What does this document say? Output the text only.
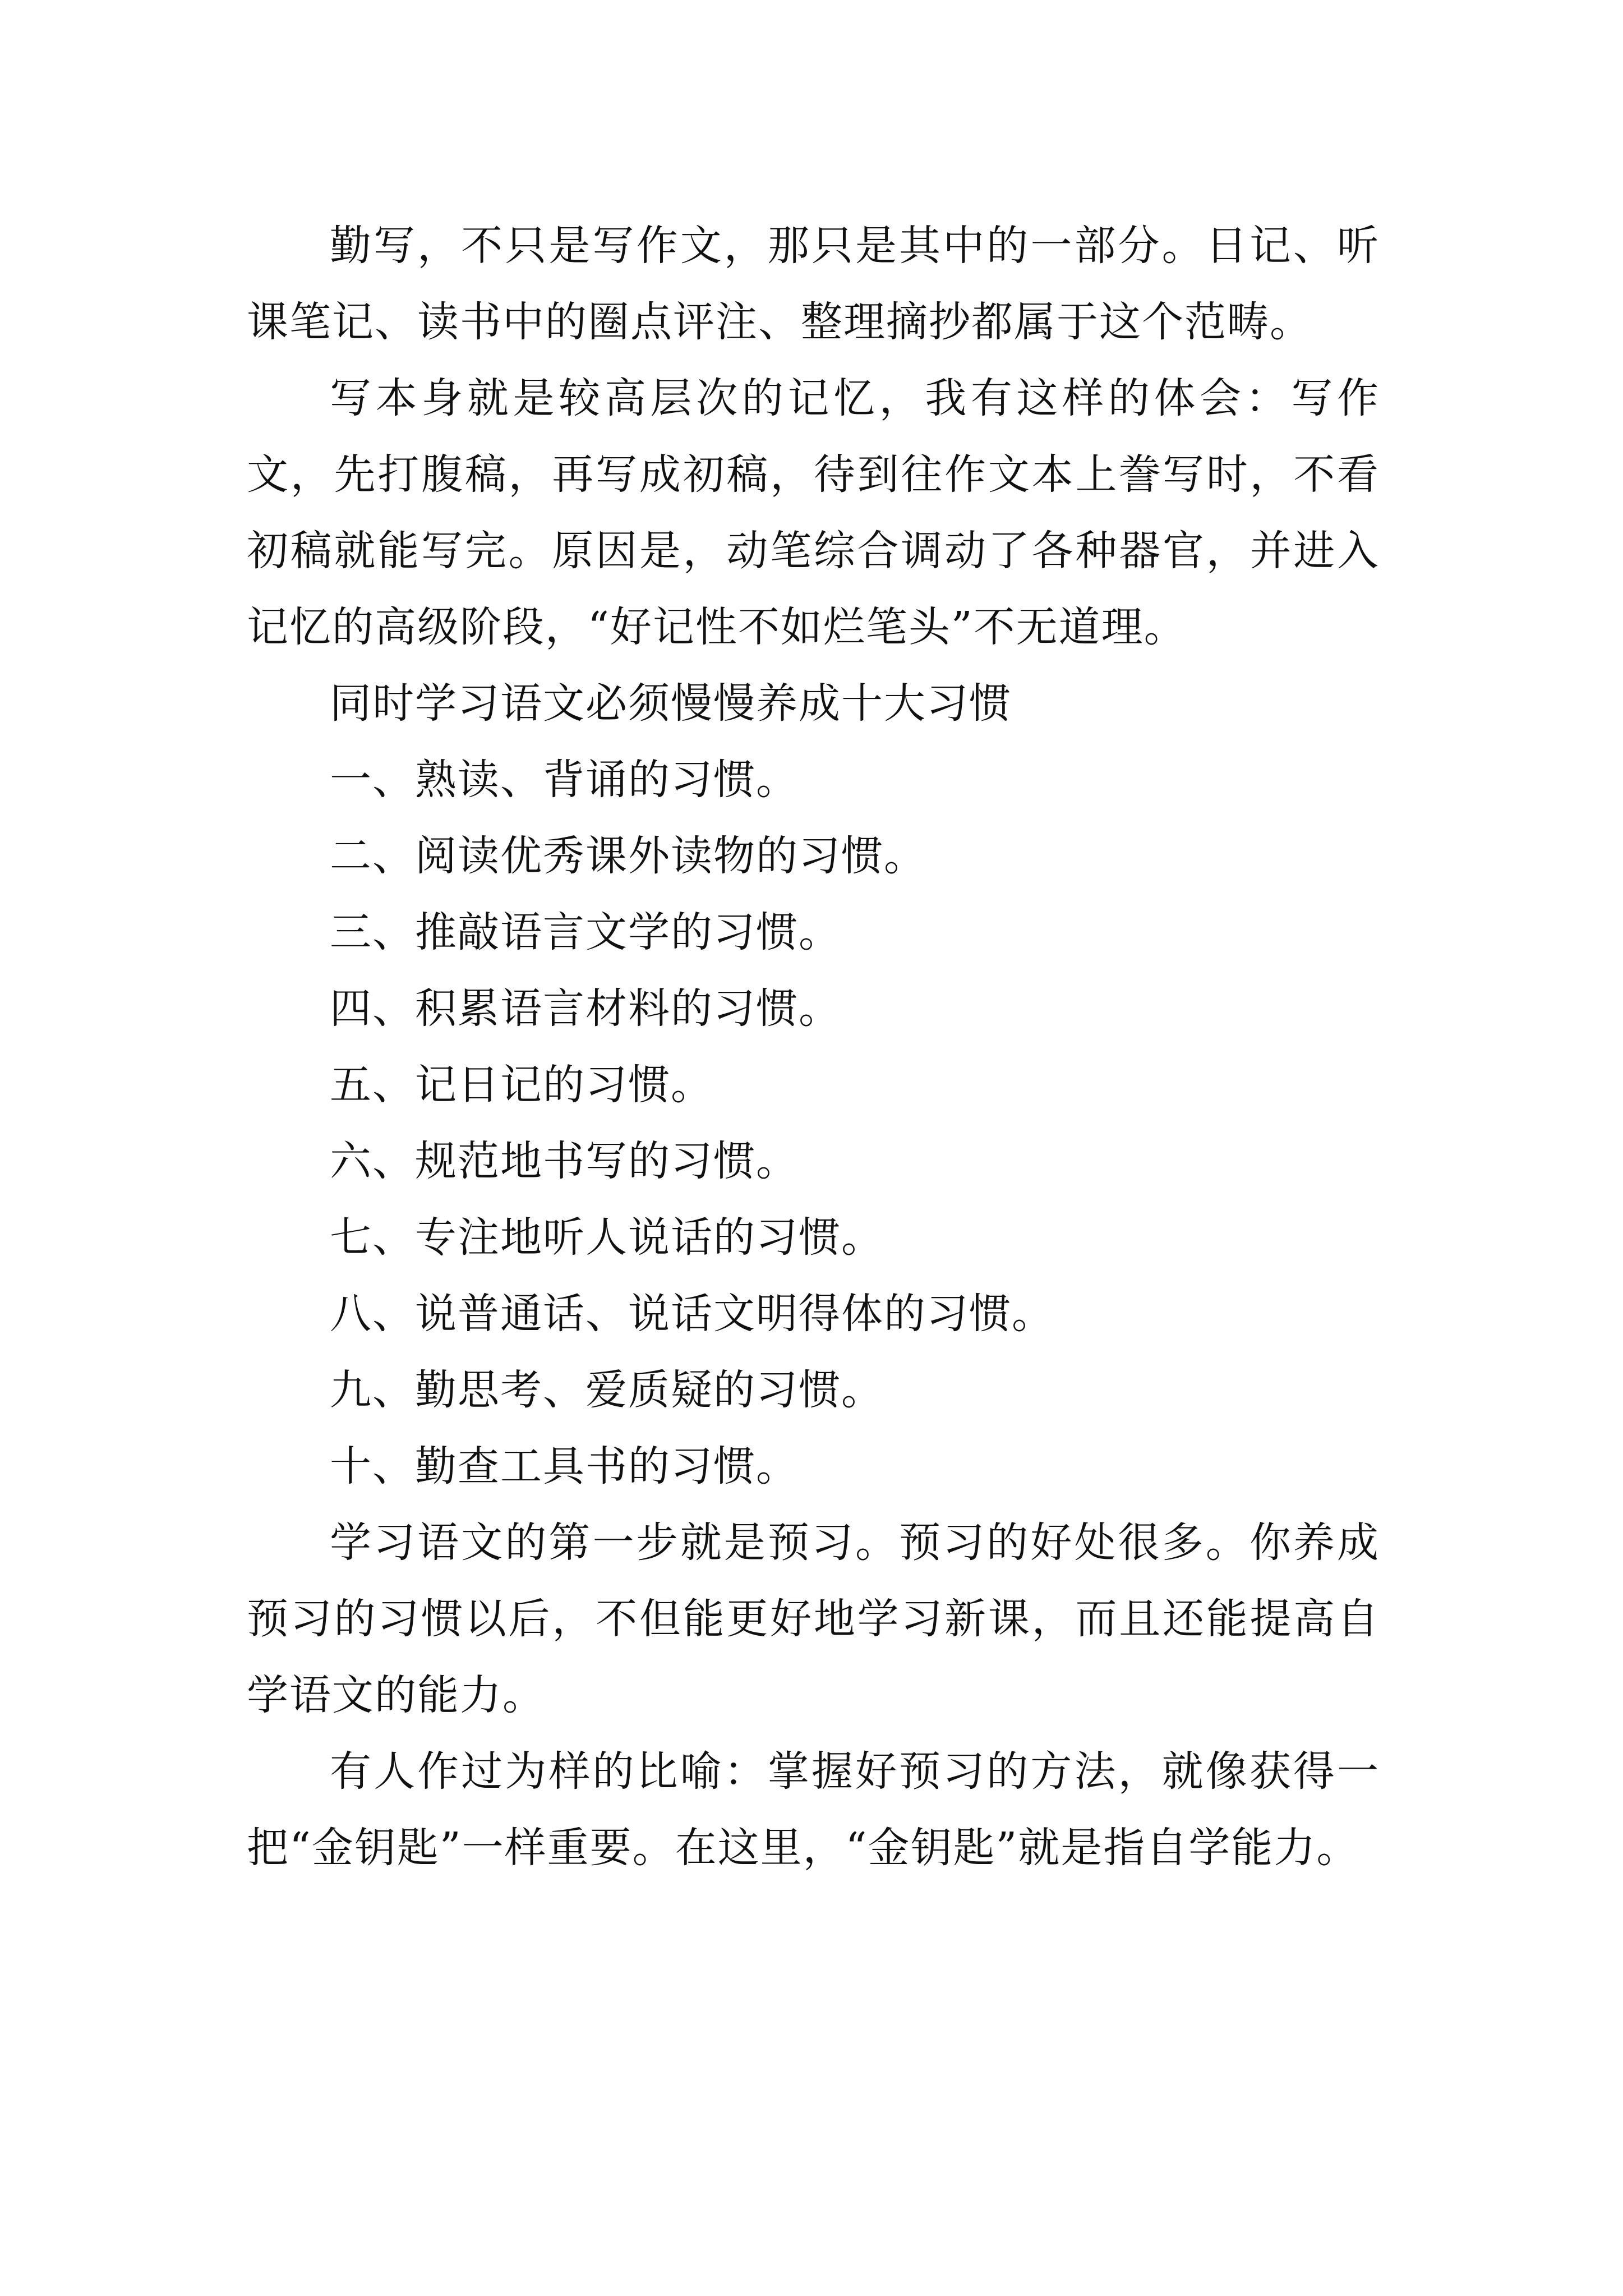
勤写，不只是写作文，那只是其中的一部分。日记、听课笔记、读书中的圈点评注、整理摘抄都属于这个范畴。

写本身就是较高层次的记忆，我有这样的体会：写作文，先打腹稿，再写成初稿，待到往作文本上誊写时，不看初稿就能写完。原因是，动笔综合调动了各种器官，并进入记忆的高级阶段，“好记性不如烂笔头”不无道理。

同时学习语文必须慢慢养成十大习惯

一、熟读、背诵的习惯。

二、阅读优秀课外读物的习惯。

三、推敲语言文学的习惯。

四、积累语言材料的习惯。

五、记日记的习惯。

六、规范地书写的习惯。

七、专注地听人说话的习惯。

八、说普通话、说话文明得体的习惯。

九、勤思考、爱质疑的习惯。

十、勤查工具书的习惯。

学习语文的第一步就是预习。预习的好处很多。你养成预习的习惯以后，不但能更好地学习新课，而且还能提高自学语文的能力。

有人作过为样的比喻：掌握好预习的方法，就像获得一把“金钥匙”一样重要。在这里，“金钥匙”就是指自学能力。
